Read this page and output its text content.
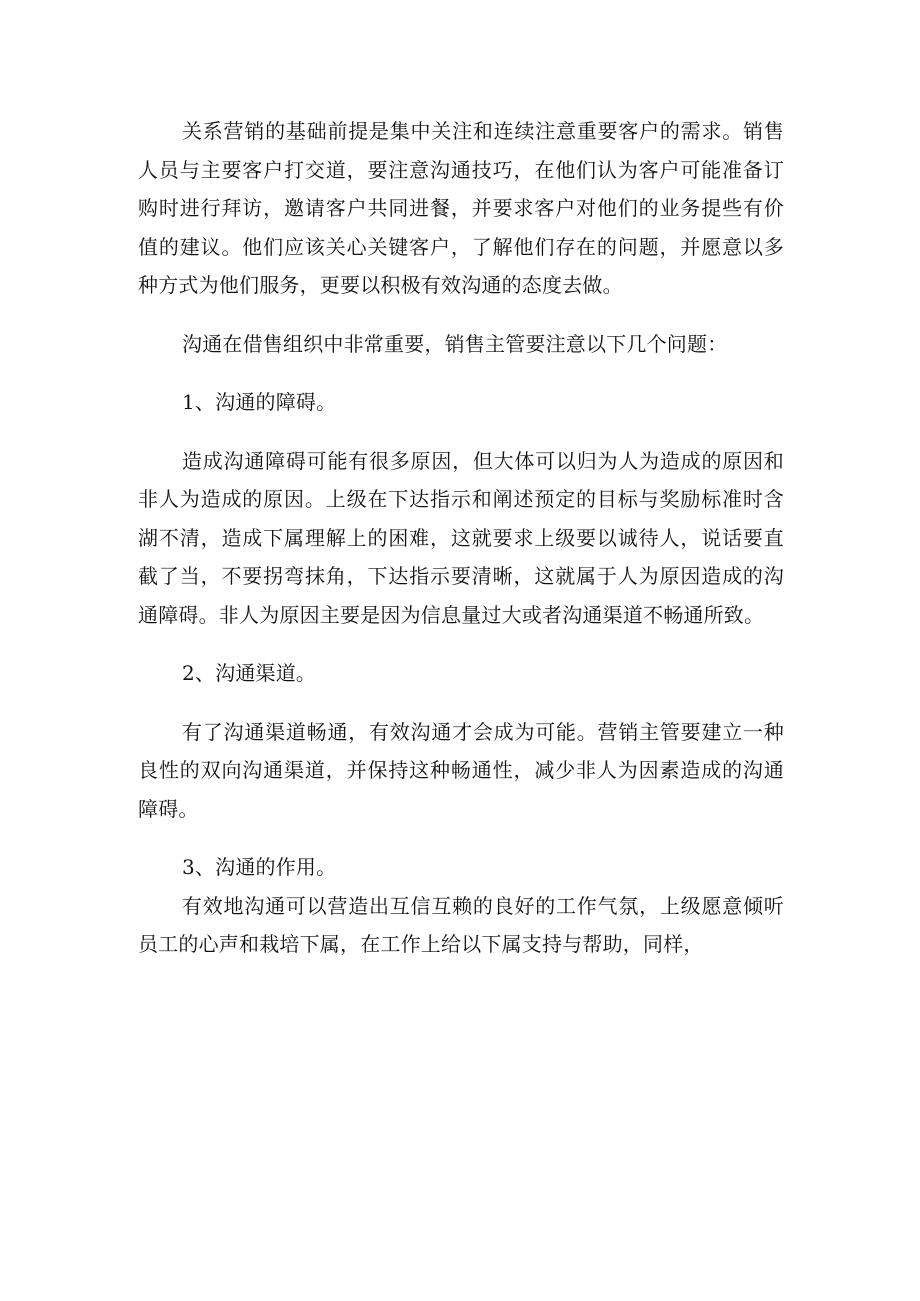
关系营销的基础前提是集中关注和连续注意重要客户的需求。销售人员与主要客户打交道，要注意沟通技巧，在他们认为客户可能准备订购时进行拜访，邀请客户共同进餐，并要求客户对他们的业务提些有价值的建议。他们应该关心关键客户，了解他们存在的问题，并愿意以多种方式为他们服务，更要以积极有效沟通的态度去做。

沟通在借售组织中非常重要，销售主管要注意以下几个问题：

1、沟通的障碍。

造成沟通障碍可能有很多原因，但大体可以归为人为造成的原因和非人为造成的原因。上级在下达指示和阐述预定的目标与奖励标准时含湖不清，造成下属理解上的困难，这就要求上级要以诚待人，说话要直截了当，不要拐弯抹角，下达指示要清晰，这就属于人为原因造成的沟通障碍。非人为原因主要是因为信息量过大或者沟通渠道不畅通所致。

2、沟通渠道。

有了沟通渠道畅通，有效沟通才会成为可能。营销主管要建立一种良性的双向沟通渠道，并保持这种畅通性，减少非人为因素造成的沟通障碍。

3、沟通的作用。

有效地沟通可以营造出互信互赖的良好的工作气氛，上级愿意倾听员工的心声和栽培下属，在工作上给以下属支持与帮助，同样，
